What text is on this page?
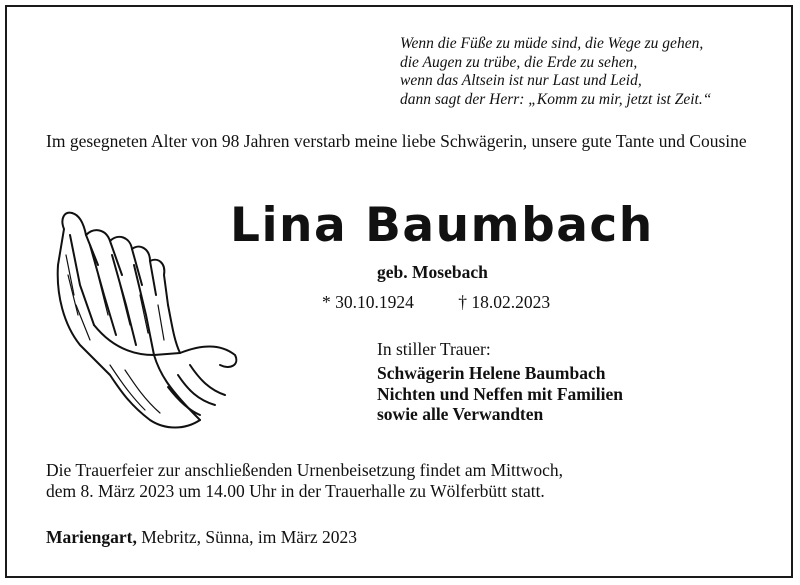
Wenn die Füße zu müde sind, die Wege zu gehen,
die Augen zu trübe, die Erde zu sehen,
wenn das Altsein ist nur Last und Leid,
dann sagt der Herr: „Komm zu mir, jetzt ist Zeit.“
Im gesegneten Alter von 98 Jahren verstarb meine liebe Schwägerin, unsere gute Tante und Cousine
Lina Baumbach
geb. Mosebach
* 30.10.1924	† 18.02.2023
In stiller Trauer:
Schwägerin Helene Baumbach
Nichten und Neffen mit Familien
sowie alle Verwandten
Die Trauerfeier zur anschließenden Urnenbeisetzung findet am Mittwoch,
dem 8. März 2023 um 14.00 Uhr in der Trauerhalle zu Wölferbütt statt.
Mariengart, Mebritz, Sünna, im März 2023
